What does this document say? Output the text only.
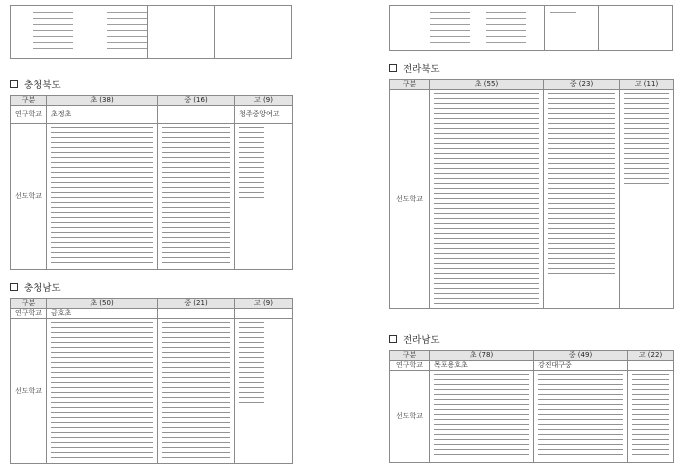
충청북도
구분	초 (38)	중 (16)	고 (9)
연구학교	초정초		청주중앙여고

선도학교	

충청남도
구분	초 (50)	중 (21)	고 (9)
연구학교	금호초		

선도학교	

전라북도
구분	초 (55)	중 (23)	고 (11)
선도학교	

전라남도
구분	초 (78)	중 (49)	고 (22)
연구학교	목포용호초	강진대구중	

선도학교	
